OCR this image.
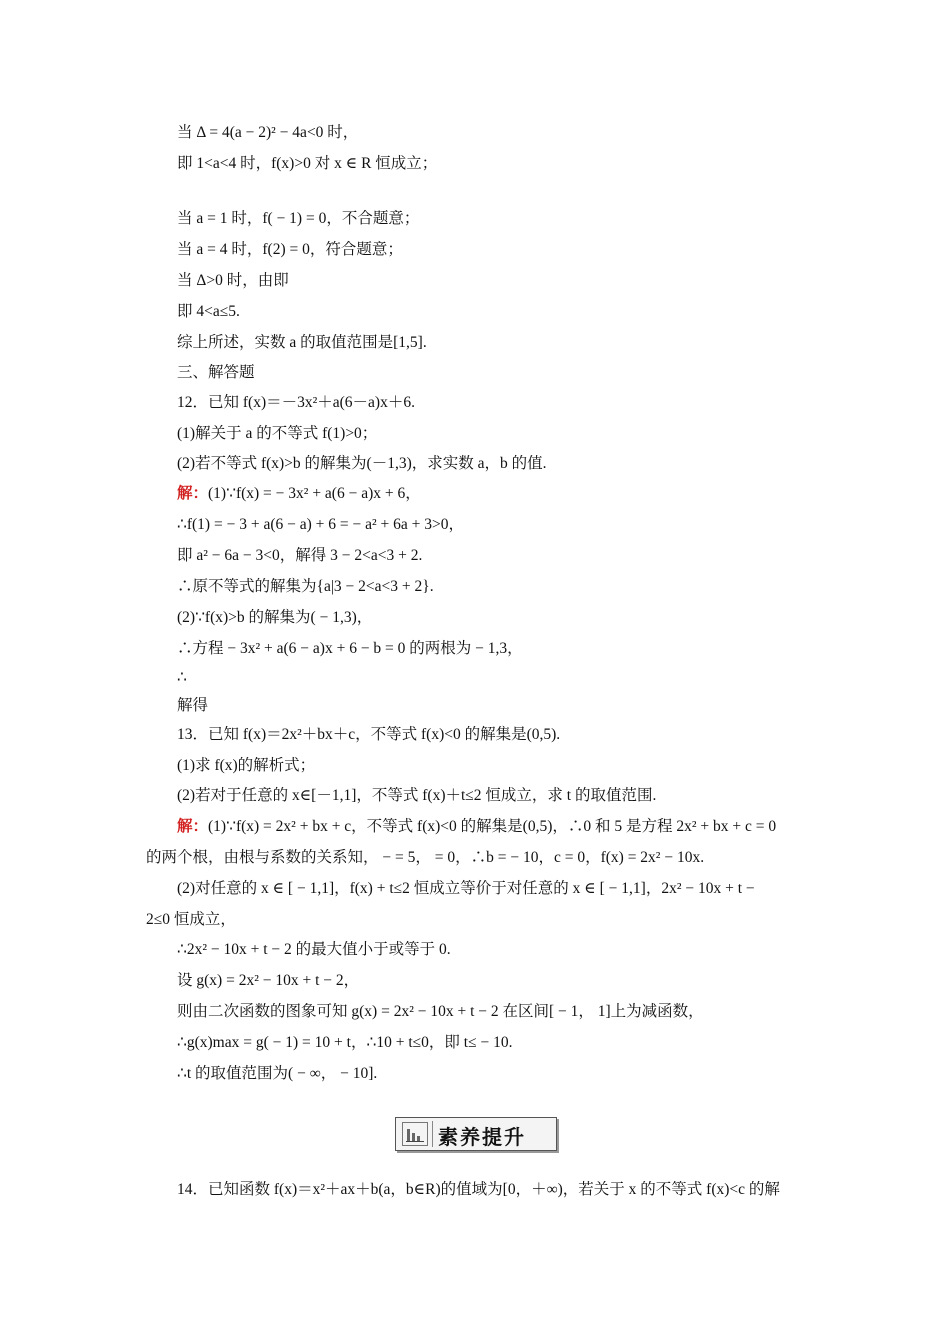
当 Δ = 4(a − 2)² − 4a<0 时，
即 1<a<4 时，f(x)>0 对 x ∈ R 恒成立；
当 a = 1 时，f( − 1) = 0，不合题意；
当 a = 4 时，f(2) = 0，符合题意；
当 Δ>0 时，由即
即 4<a≤5.
综上所述，实数 a 的取值范围是[1,5].
三、解答题
12．已知 f(x)＝－3x²＋a(6－a)x＋6.
(1)解关于 a 的不等式 f(1)>0；
(2)若不等式 f(x)>b 的解集为(－1,3)，求实数 a，b 的值.
解：(1)∵f(x) = − 3x² + a(6 − a)x + 6，
∴f(1) = − 3 + a(6 − a) + 6 = − a² + 6a + 3>0，
即 a² − 6a − 3<0，解得 3 − 2<a<3 + 2.
∴原不等式的解集为{a|3 − 2<a<3 + 2}.
(2)∵f(x)>b 的解集为( − 1,3)，
∴方程 − 3x² + a(6 − a)x + 6 − b = 0 的两根为 − 1,3，
∴
解得
13．已知 f(x)＝2x²＋bx＋c，不等式 f(x)<0 的解集是(0,5).
(1)求 f(x)的解析式；
(2)若对于任意的 x∈[－1,1]，不等式 f(x)＋t≤2 恒成立，求 t 的取值范围.
解：(1)∵f(x) = 2x² + bx + c，不等式 f(x)<0 的解集是(0,5)，∴0 和 5 是方程 2x² + bx + c = 0
的两个根，由根与系数的关系知， − = 5， = 0，∴b = − 10，c = 0，f(x) = 2x² − 10x.
(2)对任意的 x ∈ [ − 1,1]，f(x) + t≤2 恒成立等价于对任意的 x ∈ [ − 1,1]，2x² − 10x + t −
2≤0 恒成立，
∴2x² − 10x + t − 2 的最大值小于或等于 0.
设 g(x) = 2x² − 10x + t − 2，
则由二次函数的图象可知 g(x) = 2x² − 10x + t − 2 在区间[ − 1， 1]上为减函数，
∴g(x)max = g( − 1) = 10 + t，∴10 + t≤0，即 t≤ − 10.
∴t 的取值范围为( − ∞， − 10].
14．已知函数 f(x)＝x²＋ax＋b(a，b∈R)的值域为[0，＋∞)，若关于 x 的不等式 f(x)<c 的解
素养提升
